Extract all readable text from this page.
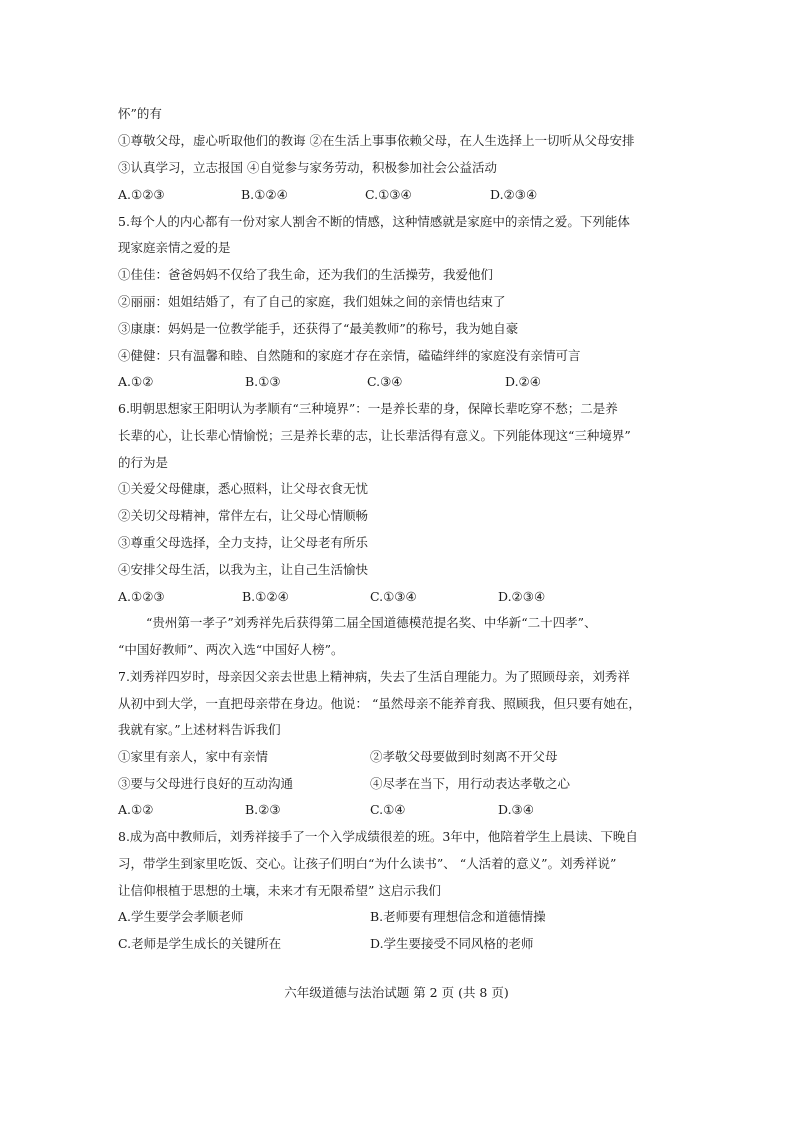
怀”的有
①尊敬父母，虚心听取他们的教诲 ②在生活上事事依赖父母，在人生选择上一切听从父母安排
③认真学习，立志报国 ④自觉参与家务劳动，积极参加社会公益活动
A.①②③	B.①②④	C.①③④	D.②③④
5.每个人的内心都有一份对家人割舍不断的情感，这种情感就是家庭中的亲情之爱。下列能体
现家庭亲情之爱的是
①佳佳：爸爸妈妈不仅给了我生命，还为我们的生活操劳，我爱他们
②丽丽：姐姐结婚了，有了自己的家庭，我们姐妹之间的亲情也结束了
③康康：妈妈是一位教学能手，还获得了“最美教师”的称号，我为她自豪
④健健：只有温馨和睦、自然随和的家庭才存在亲情，磕磕绊绊的家庭没有亲情可言
A.①②	B.①③	C.③④	D.②④
6.明朝思想家王阳明认为孝顺有“三种境界”：一是养长辈的身，保障长辈吃穿不愁；二是养
长辈的心，让长辈心情愉悦；三是养长辈的志，让长辈活得有意义。下列能体现这“三种境界”
的行为是
①关爱父母健康，悉心照料，让父母衣食无忧
②关切父母精神，常伴左右，让父母心情顺畅
③尊重父母选择，全力支持，让父母老有所乐
④安排父母生活，以我为主，让自己生活愉快
A.①②③	B.①②④	C.①③④	D.②③④
“贵州第一孝子”刘秀祥先后获得第二届全国道德模范提名奖、中华新“二十四孝”、
“中国好教师”、两次入选“中国好人榜”。
7.刘秀祥四岁时，母亲因父亲去世患上精神病，失去了生活自理能力。为了照顾母亲，刘秀祥
从初中到大学，一直把母亲带在身边。他说： “虽然母亲不能养育我、照顾我，但只要有她在，
我就有家。”上述材料告诉我们
①家里有亲人，家中有亲情	②孝敬父母要做到时刻离不开父母
③要与父母进行良好的互动沟通	④尽孝在当下，用行动表达孝敬之心
A.①②	B.②③	C.①④	D.③④
8.成为高中教师后，刘秀祥接手了一个入学成绩很差的班。3年中，他陪着学生上晨读、下晚自
习，带学生到家里吃饭、交心。让孩子们明白“为什么读书”、 “人活着的意义”。刘秀祥说”
让信仰根植于思想的土壤，未来才有无限希望” 这启示我们
A.学生要学会孝顺老师	B.老师要有理想信念和道德情操
C.老师是学生成长的关键所在	D.学生要接受不同风格的老师
六年级道德与法治试题 第 2 页 (共 8 页)
